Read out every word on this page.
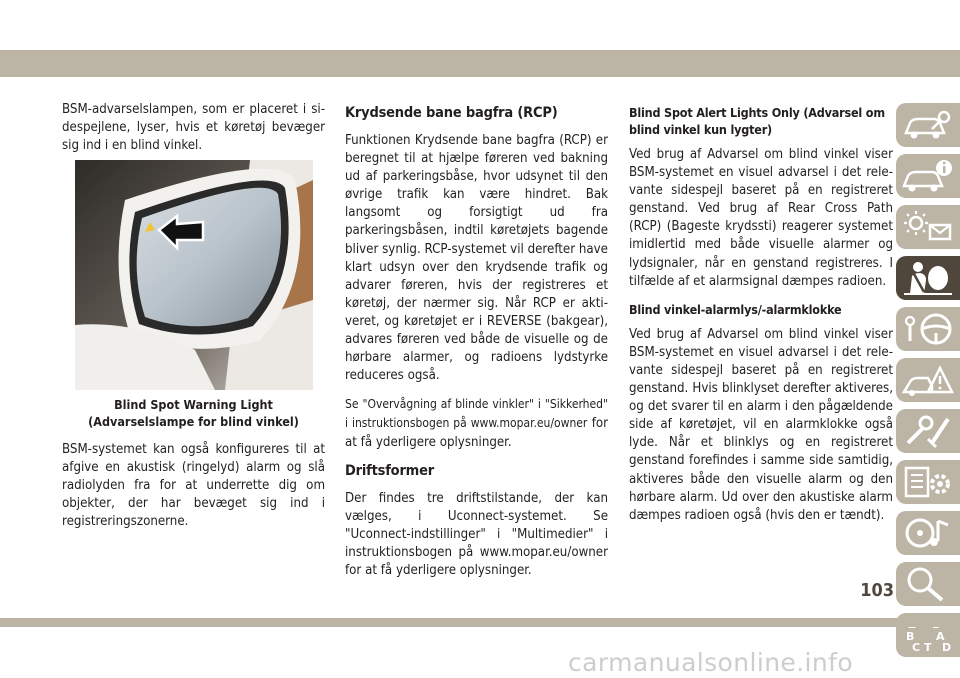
BSM-advarselslampen, som er placeret i sidespejlene, lyser, hvis et køretøj bevæger sig ind i en blind vinkel.

Blind Spot Warning Light (Advarselslampe for blind vinkel)

BSM-systemet kan også konfigureres til at afgive en akustisk (ringelyd) alarm og slå radiolyden fra for at underrette dig om objekter, der har bevæget sig ind i registreringszonerne.

Krydsende bane bagfra (RCP)

Funktionen Krydsende bane bagfra (RCP) er beregnet til at hjælpe føreren ved bakning ud af parkeringsbåse, hvor udsynet til den øvrige trafik kan være hindret. Bak langsomt og forsigtigt ud fra parkeringsbåsen, indtil køretøjets bagende bliver synlig. RCP-systemet vil derefter have klart udsyn over den krydsende trafik og advarer føreren, hvis der registreres et køretøj, der nærmer sig. Når RCP er aktiveret, og køretøjet er i REVERSE (bakgear), advares føreren ved både de visuelle og de hørbare alarmer, og radioens lydstyrke reduceres også.

Se "Overvågning af blinde vinkler" i "Sikkerhed" i instruktionsbogen på www.mopar.eu/owner for at få yderligere oplysninger.

Driftsformer

Der findes tre driftstilstande, der kan vælges, i Uconnect-systemet. Se "Uconnect-indstillinger" i "Multimedier" i instruktionsbogen på www.mopar.eu/owner for at få yderligere oplysninger.

Blind Spot Alert Lights Only (Advarsel om blind vinkel kun lygter)

Ved brug af Advarsel om blind vinkel viser BSM-systemet en visuel advarsel i det relevante sidespejl baseret på en registreret genstand. Ved brug af Rear Cross Path (RCP) (Bageste krydssti) reagerer systemet imidlertid med både visuelle alarmer og lydsignaler, når en genstand registreres. I tilfælde af et alarmsignal dæmpes radioen.

Blind vinkel-alarmlys/-alarmklokke

Ved brug af Advarsel om blind vinkel viser BSM-systemet en visuel advarsel i det relevante sidespejl baseret på en registreret genstand. Hvis blinklyset derefter aktiveres, og det svarer til en alarm i den pågældende side af køretøjet, vil en alarmklokke også lyde. Når et blinklys og en registreret genstand forefindes i samme side samtidig, aktiveres både den visuelle alarm og den hørbare alarm. Ud over den akustiske alarm dæmpes radioen også (hvis den er tændt).

B A
D
C T
103
carmanualsonline.info
